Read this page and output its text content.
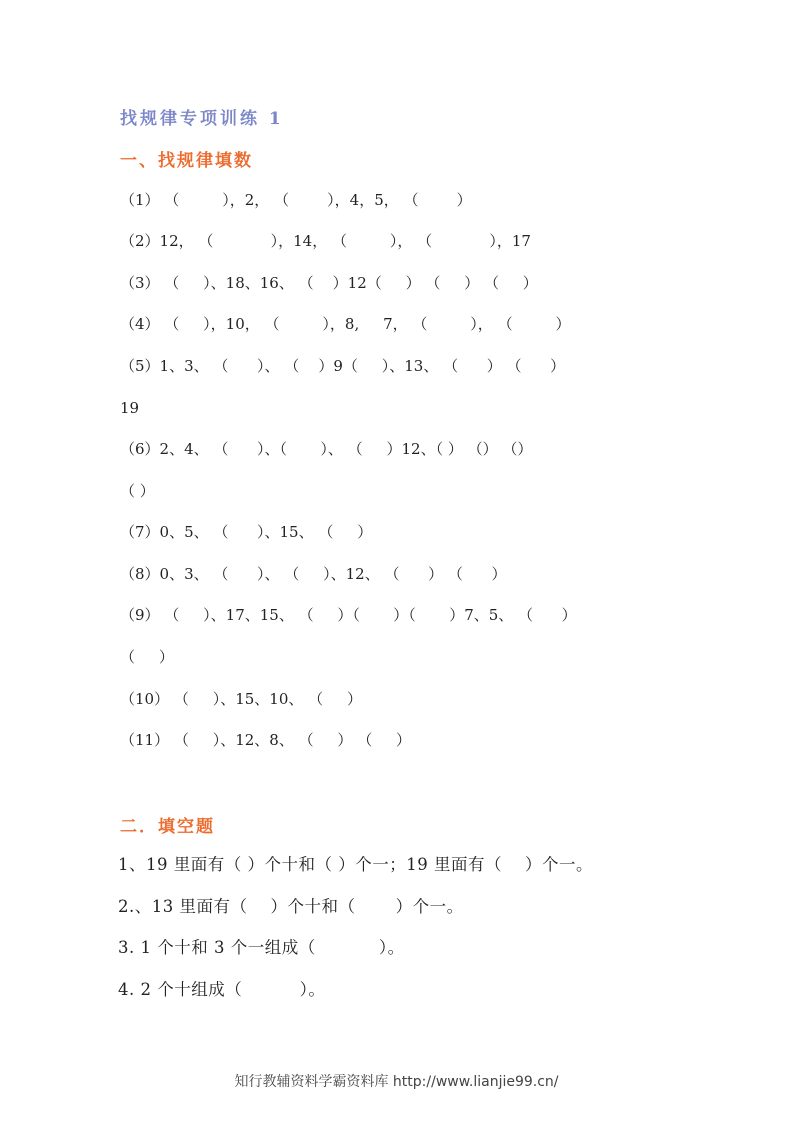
找规律专项训练 1
一、找规律填数
（1） （         ），2， （        ），4，5， （        ）
（2）12， （            ），14， （         ）， （            ），17
（3） （     ）、18、16、 （    ）12（     ） （     ） （     ）
（4） （     ），10， （         ），8,     7， （         ）， （         ）
（5）1、3、 （      ）、 （    ）9（     ）、13、 （      ） （      ）
19
（6）2、4、 （      ）、（       ）、 （     ）12、（ ） （） （）
（ ）
（7）0、5、 （      ）、15、 （     ）
（8）0、3、 （      ）、 （     ）、12、 （      ） （      ）
（9） （     ）、17、15、 （     ）（       ）（       ）7、5、 （      ）
（     ）
（10） （     ）、15、10、 （     ）
（11） （     ）、12、8、 （     ） （     ）
二．填空题
1、19 里面有（ ）个十和（ ）个一；19 里面有（    ）个一。
2.、13 里面有（    ）个十和（       ）个一。
3. 1 个十和 3 个一组成（           ）。
4. 2 个十组成（          ）。
知行教辅资料学霸资料库 http://www.lianjie99.cn/
